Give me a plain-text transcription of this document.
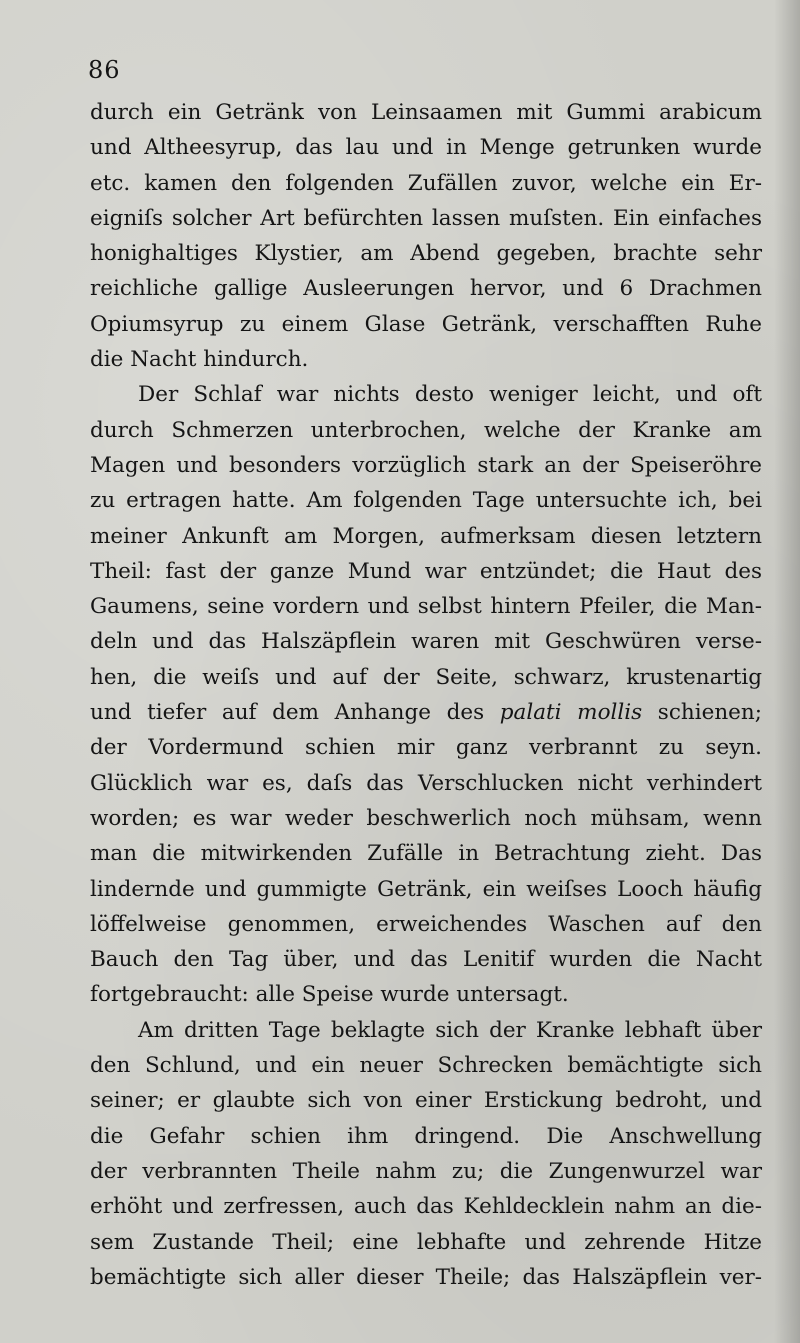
86
durch ein Getränk von Leinsaamen mit Gummi arabicum
und Altheesyrup, das lau und in Menge getrunken wurde
etc. kamen den folgenden Zufällen zuvor, welche ein Er-
eigniſs solcher Art befürchten lassen muſsten. Ein einfaches
honighaltiges Klystier, am Abend gegeben, brachte sehr
reichliche gallige Ausleerungen hervor, und 6 Drachmen
Opiumsyrup zu einem Glase Getränk, verschafften Ruhe
die Nacht hindurch.
Der Schlaf war nichts desto weniger leicht, und oft
durch Schmerzen unterbrochen, welche der Kranke am
Magen und besonders vorzüglich stark an der Speiseröhre
zu ertragen hatte. Am folgenden Tage untersuchte ich, bei
meiner Ankunft am Morgen, aufmerksam diesen letztern
Theil: fast der ganze Mund war entzündet; die Haut des
Gaumens, seine vordern und selbst hintern Pfeiler, die Man-
deln und das Halszäpflein waren mit Geschwüren verse-
hen, die weiſs und auf der Seite, schwarz, krustenartig
und tiefer auf dem Anhange des palati mollis schienen;
der Vordermund schien mir ganz verbrannt zu seyn.
Glücklich war es, daſs das Verschlucken nicht verhindert
worden; es war weder beschwerlich noch mühsam, wenn
man die mitwirkenden Zufälle in Betrachtung zieht. Das
lindernde und gummigte Getränk, ein weiſses Looch häufig
löffelweise genommen, erweichendes Waschen auf den
Bauch den Tag über, und das Lenitif wurden die Nacht
fortgebraucht: alle Speise wurde untersagt.
Am dritten Tage beklagte sich der Kranke lebhaft über
den Schlund, und ein neuer Schrecken bemächtigte sich
seiner; er glaubte sich von einer Erstickung bedroht, und
die Gefahr schien ihm dringend. Die Anschwellung
der verbrannten Theile nahm zu; die Zungenwurzel war
erhöht und zerfressen, auch das Kehldecklein nahm an die-
sem Zustande Theil; eine lebhafte und zehrende Hitze
bemächtigte sich aller dieser Theile; das Halszäpflein ver-
